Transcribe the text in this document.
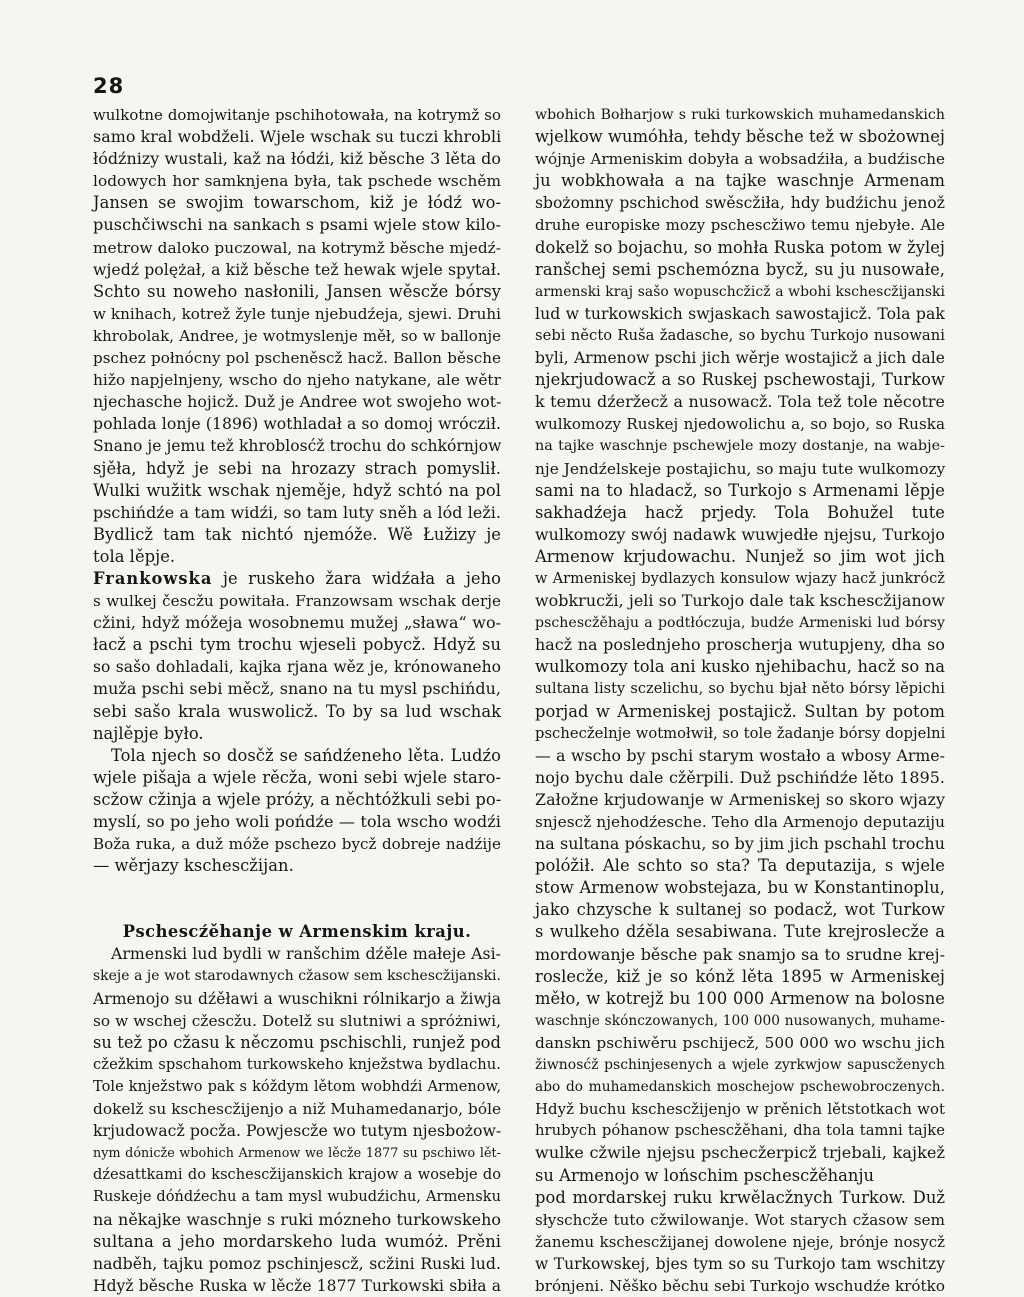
28
wulkotne domojwitanje pschihotowała, na kotrymž so
samo kral wobdželi. Wjele wschak su tuczi khrobli
łódźnizy wustali, kaž na łódźi, kiž běsche 3 lěta do
lodowych hor samknjena była, tak pschede wschěm
Jansen se swojim towarschom, kiž je łódź wo-
puschčiwschi na sankach s psami wjele stow kilo-
metrow daloko puczowal, na kotrymž běsche mjedź-
wjedź polężał, a kiž běsche tež hewak wjele spytał.
Schto su noweho nasłonili, Jansen wěscže bórsy
w knihach, kotrež žyle tunje njebudźeja, sjewi. Druhi
khrobolak, Andree, je wotmyslenje měł, so w ballonje
pschez połnócny pol pscheněscž hacž. Ballon běsche
hižo napjelnjeny, wscho do njeho natykane, ale wětr
njechasche hojicž. Duž je Andree wot swojeho wot-
pohlada lonje (1896) wothladał a so domoj wrócził.
Snano je jemu tež khroblosćž trochu do schkórnjow
sjěła, hdyž je sebi na hrozazy strach pomyslił.
Wulki wužitk wschak njeměje, hdyž schtó na pol
pschińdźe a tam widźi, so tam luty sněh a lód leži.
Bydlicž tam tak nichtó njemóže. Wě Łužizy je
tola lěpje.
Frankowska je ruskeho žara widźała a jeho
s wulkej čescžu powitała. Franzowsam wschak derje
cžini, hdyž móžeja wosobnemu mužej „sława“ wo-
łacž a pschi tym trochu wjeseli pobycž. Hdyž su
so sašo dohladali, kajka rjana wěz je, krónowaneho
muža pschi sebi měcž, snano na tu mysl pschińdu,
sebi sašo krala wuswolicž. To by sa lud wschak
najlěpje było.
Tola njech so dosčž se sańdźeneho lěta. Ludźo
wjele pišaja a wjele rěcža, woni sebi wjele staro-
scžow cžinja a wjele próży, a něchtóžkuli sebi po-
myslí, so po jeho woli pońdźe — tola wscho wodźi
Boža ruka, a duž móže pschezo bycž dobreje nadźije
— wěrjazy kschescžijan.
Pschescźěhanje w Armenskim kraju.
Armenski lud bydli w ranšchim dźěle małeje Asi-
skeje a je wot starodawnych cžasow sem kschescžijanski.
Armenojo su dźěławi a wuschikni rólnikarjo a žiwja
so w wschej cžescžu. Dotelž su slutniwi a spróżniwi,
su tež po cžasu k něczomu pschischli, runjež pod
cžežkim spschahom turkowskeho knježstwa bydlachu.
Tole knježstwo pak s kóždym lětom wobhdźi Armenow,
dokelž su kschescžijenjo a niž Muhamedanarjo, bóle
krjudowacž pocža. Powjescže wo tutym njesbożow-
nym dónicže wbohich Armenow we lěcže 1877 su pschiwo lět-
dźesattkami do kschescžijanskich krajow a wosebje do
Ruskeje dóńdźechu a tam mysl wubudźichu, Armensku
na někajke waschnje s ruki mózneho turkowskeho
sultana a jeho mordarskeho luda wumóż. Prěni
nadběh, tajku pomoz pschinjescž, scžini Ruski lud.
Hdyž běsche Ruska w lěcže 1877 Turkowski sbiła a
wbohich Bołharjow s ruki turkowskich muhamedanskich
wjelkow wumóhła, tehdy běsche tež w sbożownej
wójnje Armeniskim dobyła a wobsadźiła, a budźische
ju wobkhowała a na tajke waschnje Armenam
sbożomny pschichod swěscžiła, hdy budźichu jenož
druhe europiske mozy pschescžiwo temu njebyłe. Ale
dokelž so bojachu, so mohła Ruska potom w žylej
ranšchej semi pschemózna bycž, su ju nusowałe,
armenski kraj sašo wopuschcžicž a wbohi kschescžijanski
lud w turkowskich swjaskach sawostajicž. Tola pak
sebi něcto Ruša žadasche, so bychu Turkojo nusowani
byli, Armenow pschi jich wěrje wostajicž a jich dale
njekrjudowacž a so Ruskej pschewostaji, Turkow
k temu dźeržecž a nusowacž. Tola tež tole něcotre
wulkomozy Ruskej njedowolichu a, so bojo, so Ruska
na tajke waschnje pschewjele mozy dostanje, na wabje-
nje Jendźelskeje postajichu, so maju tute wulkomozy
sami na to hladacž, so Turkojo s Armenami lěpje
sakhadźeja hacž prjedy. Tola Bohužel tute
wulkomozy swój nadawk wuwjedłe njejsu, Turkojo
Armenow krjudowachu. Nunjež so jim wot jich
w Armeniskej bydlazych konsulow wjazy hacž junkrócž
wobkrucži, jeli so Turkojo dale tak kschescžijanow
pschescžěhaju a podtłóczuja, budźe Armeniski lud bórsy
hacž na poslednjeho proscherja wutupjeny, dha so
wulkomozy tola ani kusko njehibachu, hacž so na
sultana listy sczelichu, so bychu bjał něto bórsy lěpichi
porjad w Armeniskej postajicž. Sultan by potom
pschecželnje wotmołwił, so tole žadanje bórsy dopjelni
— a wscho by pschi starym wostało a wbosy Arme-
nojo bychu dale cžěrpili. Duž pschińdźe lěto 1895.
Załožne krjudowanje w Armeniskej so skoro wjazy
snjescž njehodźesche. Teho dla Armenojo deputaziju
na sultana póskachu, so by jim jich pschahl trochu
polóžił. Ale schto so sta? Ta deputazija, s wjele
stow Armenow wobstejaza, bu w Konstantinoplu,
jako chzysche k sultanej so podacž, wot Turkow
s wulkeho dźěla sesabiwana. Tute krejroslecže a
mordowanje běsche pak snamjo sa to srudne krej-
roslecže, kiž je so kónž lěta 1895 w Armeniskej
měło, w kotrejž bu 100 000 Armenow na bolosne
waschnje skónczowanych, 100 000 nusowanych, muhame-
danskn pschiwěru pschijecž, 500 000 wo wschu jich
žiwnosćž pschinjesenych a wjele zyrkwjow sapuscženych
abo do muhamedanskich moschejow pschewobroczenych.
Hdyž buchu kschescžijenjo w prěnich lětstotkach wot
hrubych póhanow pschescžěhani, dha tola tamni tajke
wulke cžwile njejsu pschecžerpicž trjebali, kajkež
su Armenojo w lońschim pschescžěhanju
pod mordarskej ruku krwělacžnych Turkow. Duž
słyschcže tuto cžwilowanje. Wot starych cžasow sem
žanemu kschescžijanej dowolene njeje, brónje nosycž
w Turkowskej, bjes tym so su Turkojo tam wschitzy
brónjeni. Něško běchu sebi Turkojo wschudźe krótko
